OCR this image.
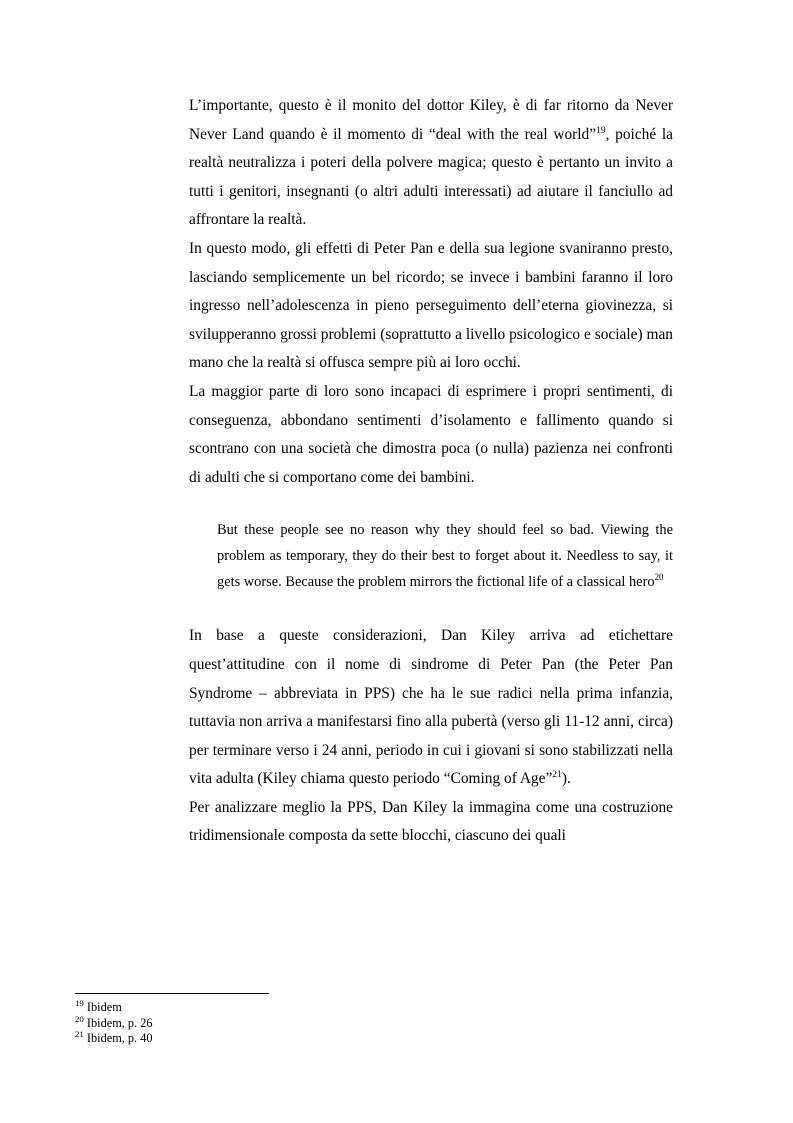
L’importante, questo è il monito del dottor Kiley, è di far ritorno da Never Never Land quando è il momento di “deal with the real world”$^{19}$, poiché la realtà neutralizza i poteri della polvere magica; questo è pertanto un invito a tutti i genitori, insegnanti (o altri adulti interessati) ad aiutare il fanciullo ad affrontare la realtà.

In questo modo, gli effetti di Peter Pan e della sua legione svaniranno presto, lasciando semplicemente un bel ricordo; se invece i bambini faranno il loro ingresso nell’adolescenza in pieno perseguimento dell’eterna giovinezza, si svilupperanno grossi problemi (soprattutto a livello psicologico e sociale) man mano che la realtà si offusca sempre più ai loro occhi.

La maggior parte di loro sono incapaci di esprimere i propri sentimenti, di conseguenza, abbondano sentimenti d’isolamento e fallimento quando si scontrano con una società che dimostra poca (o nulla) pazienza nei confronti di adulti che si comportano come dei bambini.

But these people see no reason why they should feel so bad. Viewing the problem as temporary, they do their best to forget about it. Needless to say, it gets worse. Because the problem mirrors the fictional life of a classical hero$^{20}$

In base a queste considerazioni, Dan Kiley arriva ad etichettare quest’attitudine con il nome di sindrome di Peter Pan (the Peter Pan Syndrome – abbreviata in PPS) che ha le sue radici nella prima infanzia, tuttavia non arriva a manifestarsi fino alla pubertà (verso gli 11-12 anni, circa) per terminare verso i 24 anni, periodo in cui i giovani si sono stabilizzati nella vita adulta (Kiley chiama questo periodo “Coming of Age”$^{21}$).

Per analizzare meglio la PPS, Dan Kiley la immagina come una costruzione tridimensionale composta da sette blocchi, ciascuno dei quali

$^{19}$ Ibidem

$^{20}$ Ibidem, p. 26

$^{21}$ Ibidem, p. 40
